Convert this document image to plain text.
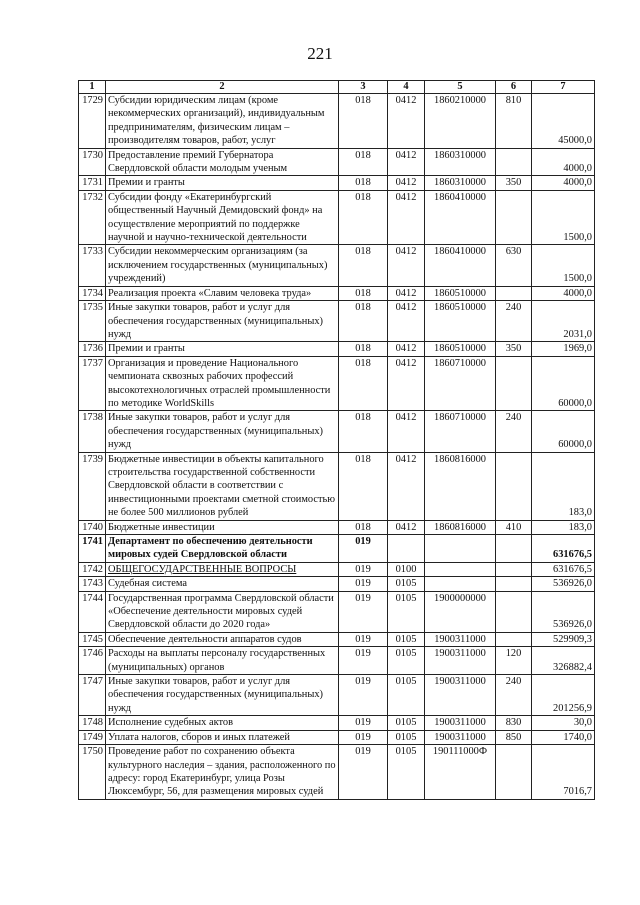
221
1	2	3	4	5	6	7
1729	Субсидии юридическим лицам (кроме некоммерческих организаций), индивидуальным предпринимателям, физическим лицам – производителям товаров, работ, услуг	018	0412	1860210000	810	45000,0
1730	Предоставление премий Губернатора Свердловской области молодым ученым	018	0412	1860310000		4000,0
1731	Премии и гранты	018	0412	1860310000	350	4000,0
1732	Субсидии фонду «Екатеринбургский общественный Научный Демидовский фонд» на осуществление мероприятий по поддержке научной и научно-технической деятельности	018	0412	1860410000		1500,0
1733	Субсидии некоммерческим организациям (за исключением государственных (муниципальных) учреждений)	018	0412	1860410000	630	1500,0
1734	Реализация проекта «Славим человека труда»	018	0412	1860510000		4000,0
1735	Иные закупки товаров, работ и услуг для обеспечения государственных (муниципальных) нужд	018	0412	1860510000	240	2031,0
1736	Премии и гранты	018	0412	1860510000	350	1969,0
1737	Организация и проведение Национального чемпионата сквозных рабочих профессий высокотехнологичных отраслей промышленности по методике WorldSkills	018	0412	1860710000		60000,0
1738	Иные закупки товаров, работ и услуг для обеспечения государственных (муниципальных) нужд	018	0412	1860710000	240	60000,0
1739	Бюджетные инвестиции в объекты капитального строительства государственной собственности Свердловской области в соответствии с инвестиционными проектами сметной стоимостью не более 500 миллионов рублей	018	0412	1860816000		183,0
1740	Бюджетные инвестиции	018	0412	1860816000	410	183,0
1741	Департамент по обеспечению деятельности мировых судей Свердловской области	019				631676,5
1742	ОБЩЕГОСУДАРСТВЕННЫЕ ВОПРОСЫ	019	0100			631676,5
1743	Судебная система	019	0105			536926,0
1744	Государственная программа Свердловской области «Обеспечение деятельности мировых судей Свердловской области до 2020 года»	019	0105	1900000000		536926,0
1745	Обеспечение деятельности аппаратов судов	019	0105	1900311000		529909,3
1746	Расходы на выплаты персоналу государственных (муниципальных) органов	019	0105	1900311000	120	326882,4
1747	Иные закупки товаров, работ и услуг для обеспечения государственных (муниципальных) нужд	019	0105	1900311000	240	201256,9
1748	Исполнение судебных актов	019	0105	1900311000	830	30,0
1749	Уплата налогов, сборов и иных платежей	019	0105	1900311000	850	1740,0
1750	Проведение работ по сохранению объекта культурного наследия – здания, расположенного по адресу: город Екатеринбург, улица Розы Люксембург, 56, для размещения мировых судей	019	0105	190111000Ф		7016,7
